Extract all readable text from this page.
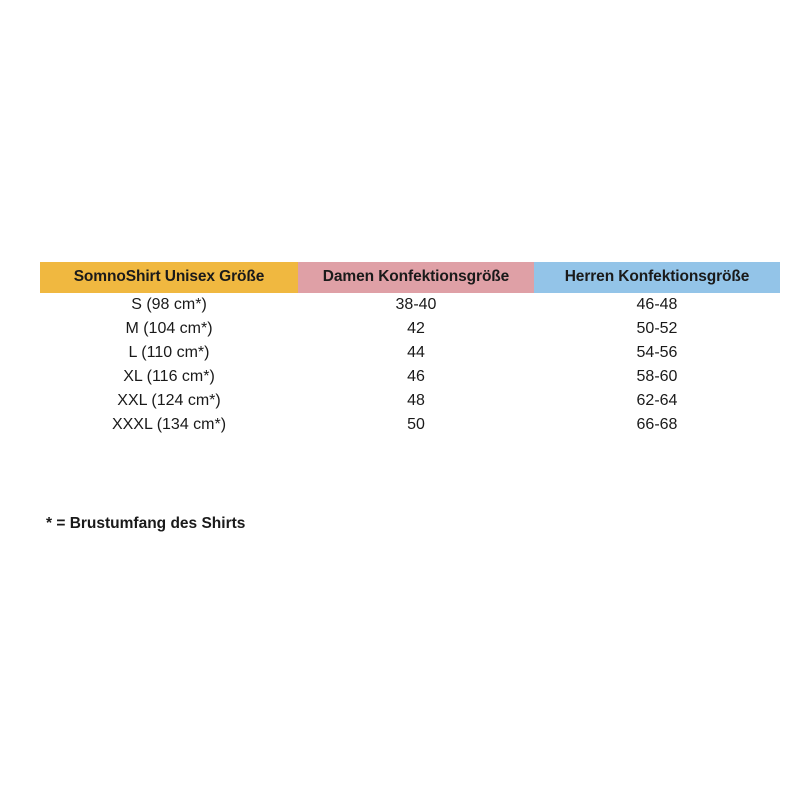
SomnoShirt Unisex Größe	Damen Konfektionsgröße	Herren Konfektionsgröße
S (98 cm*)	38-40	46-48
M (104 cm*)	42	50-52
L (110 cm*)	44	54-56
XL (116 cm*)	46	58-60
XXL (124 cm*)	48	62-64
XXXL (134 cm*)	50	66-68
* = Brustumfang des Shirts
